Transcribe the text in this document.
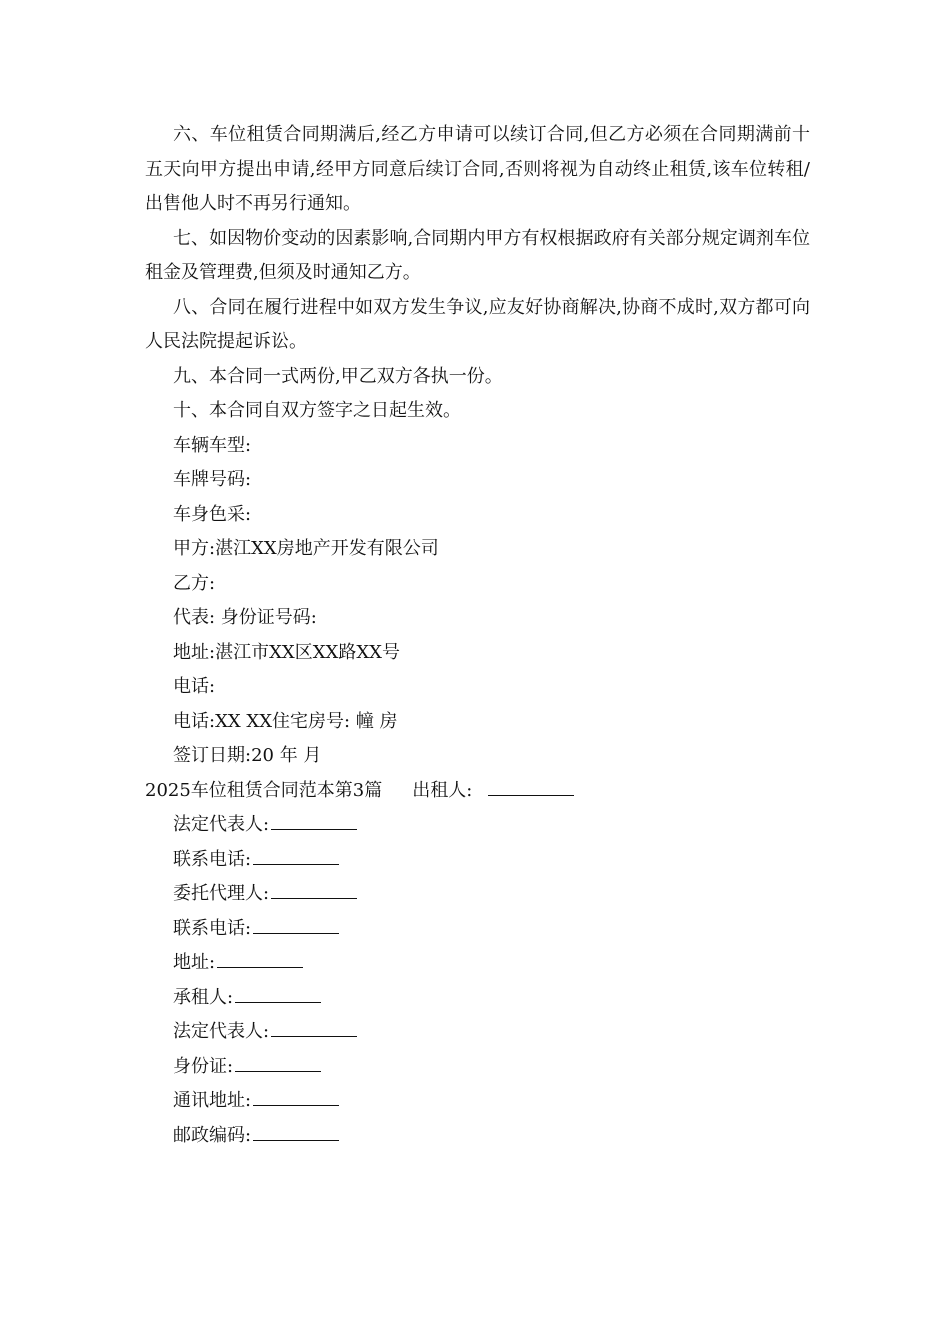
六、车位租赁合同期满后,经乙方申请可以续订合同,但乙方必须在合同期满前十五天向甲方提出申请,经甲方同意后续订合同,否则将视为自动终止租赁,该车位转租/出售他人时不再另行通知。

七、如因物价变动的因素影响,合同期内甲方有权根据政府有关部分规定调剂车位租金及管理费,但须及时通知乙方。

八、合同在履行进程中如双方发生争议,应友好协商解决,协商不成时,双方都可向人民法院提起诉讼。

九、本合同一式两份,甲乙双方各执一份。

十、本合同自双方签字之日起生效。

车辆车型:

车牌号码:

车身色采:

甲方:湛江XX房地产开发有限公司

乙方:

代表: 身份证号码:

地址:湛江市XX区XX路XX号

电话:

电话:XX XX住宅房号: 幢 房

签订日期:20 年 月

2025车位租赁合同范本第3篇 出租人:

法定代表人:

联系电话:

委托代理人:

联系电话:

地址:

承租人:

法定代表人:

身份证:

通讯地址:

邮政编码:
